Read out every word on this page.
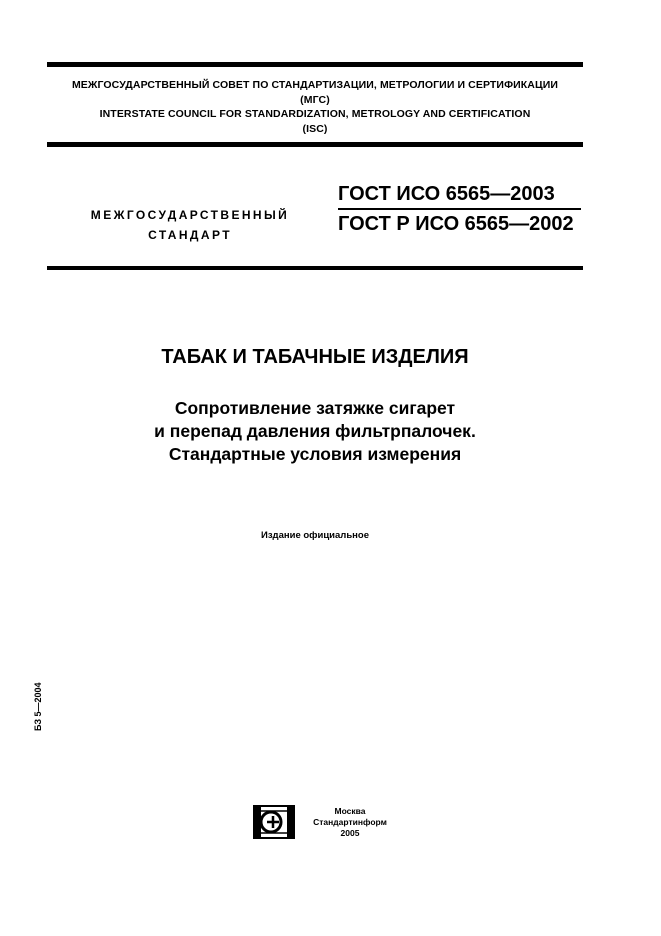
МЕЖГОСУДАРСТВЕННЫЙ СОВЕТ ПО СТАНДАРТИЗАЦИИ, МЕТРОЛОГИИ И СЕРТИФИКАЦИИ
(МГС)
INTERSTATE COUNCIL FOR STANDARDIZATION, METROLOGY AND CERTIFICATION
(ISC)
МЕЖГОСУДАРСТВЕННЫЙ
СТАНДАРТ
ГОСТ ИСО 6565—2003
ГОСТ Р ИСО 6565—2002
ТАБАК И ТАБАЧНЫЕ ИЗДЕЛИЯ
Сопротивление затяжке сигарет
и перепад давления фильтрпалочек.
Стандартные условия измерения
Издание официальное
БЗ 5—2004
Москва
Стандартинформ
2005
